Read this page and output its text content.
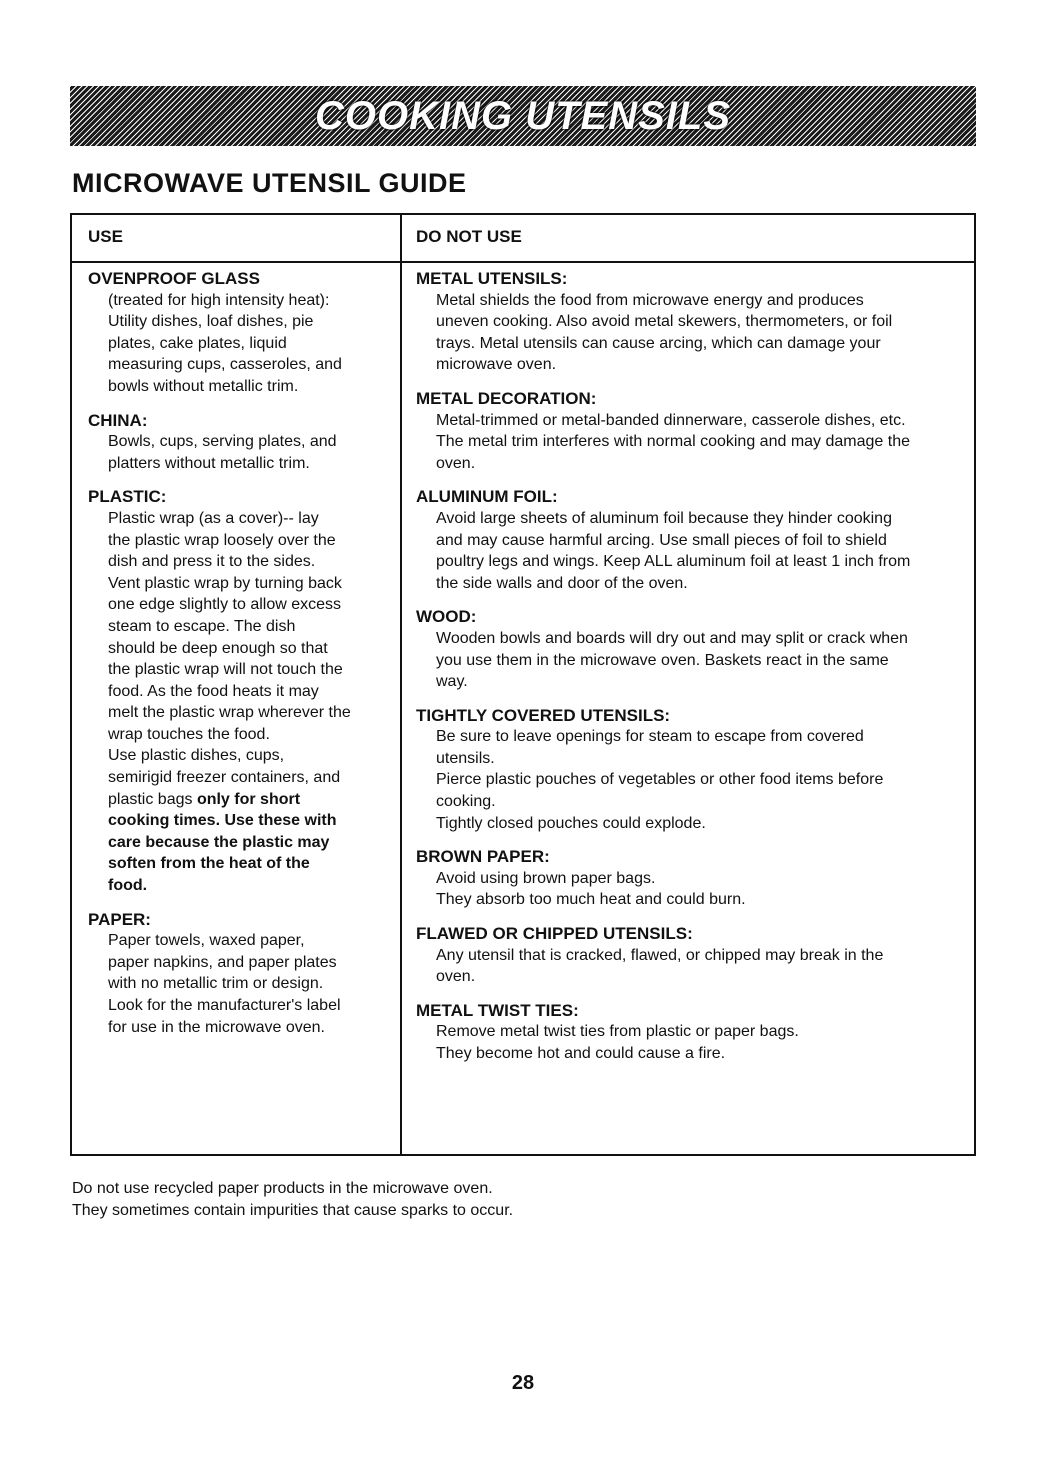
COOKING UTENSILS
MICROWAVE UTENSIL GUIDE
USE	DO NOT USE
OVENPROOF GLASS
(treated for high intensity heat):
Utility dishes, loaf dishes, pie
plates, cake plates, liquid
measuring cups, casseroles, and
bowls without metallic trim.
CHINA:
Bowls, cups, serving plates, and
platters without metallic trim.
PLASTIC:
Plastic wrap (as a cover)-- lay
the plastic wrap loosely over the
dish and press it to the sides.
Vent plastic wrap by turning back
one edge slightly to allow excess
steam to escape. The dish
should be deep enough so that
the plastic wrap will not touch the
food. As the food heats it may
melt the plastic wrap wherever the
wrap touches the food.
Use plastic dishes, cups,
semirigid freezer containers, and
plastic bags only for short
cooking times. Use these with
care because the plastic may
soften from the heat of the
food.
PAPER:
Paper towels, waxed paper,
paper napkins, and paper plates
with no metallic trim or design.
Look for the manufacturer's label
for use in the microwave oven.
METAL UTENSILS:
Metal shields the food from microwave energy and produces
uneven cooking. Also avoid metal skewers, thermometers, or foil
trays. Metal utensils can cause arcing, which can damage your
microwave oven.
METAL DECORATION:
Metal-trimmed or metal-banded dinnerware, casserole dishes, etc.
The metal trim interferes with normal cooking and may damage the
oven.
ALUMINUM FOIL:
Avoid large sheets of aluminum foil because they hinder cooking
and may cause harmful arcing. Use small pieces of foil to shield
poultry legs and wings. Keep ALL aluminum foil at least 1 inch from
the side walls and door of the oven.
WOOD:
Wooden bowls and boards will dry out and may split or crack when
you use them in the microwave oven. Baskets react in the same
way.
TIGHTLY COVERED UTENSILS:
Be sure to leave openings for steam to escape from covered
utensils.
Pierce plastic pouches of vegetables or other food items before
cooking.
Tightly closed pouches could explode.
BROWN PAPER:
Avoid using brown paper bags.
They absorb too much heat and could burn.
FLAWED OR CHIPPED UTENSILS:
Any utensil that is cracked, flawed, or chipped may break in the
oven.
METAL TWIST TIES:
Remove metal twist ties from plastic or paper bags.
They become hot and could cause a fire.
Do not use recycled paper products in the microwave oven.
They sometimes contain impurities that cause sparks to occur.
28
